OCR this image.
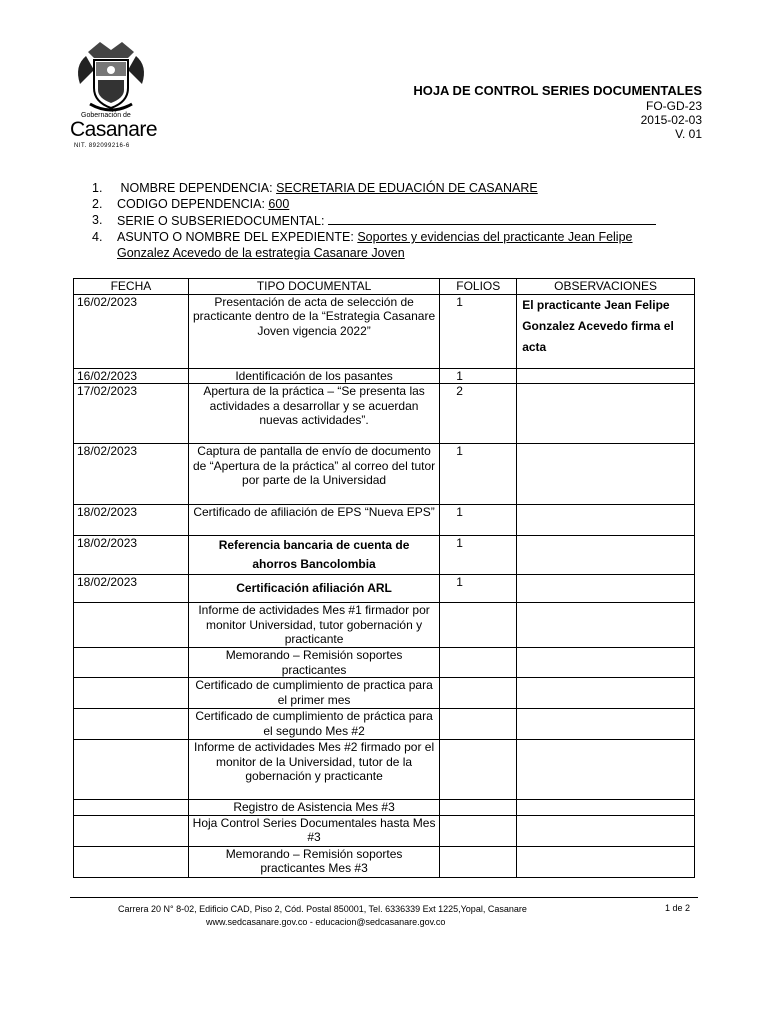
Gobernación de
Casanare
NIT. 892099216-6
HOJA DE CONTROL SERIES DOCUMENTALES
FO-GD-23
2015-02-03
V. 01
1.	NOMBRE DEPENDENCIA: SECRETARIA DE EDUACIÓN DE CASANARE
2.	CODIGO DEPENDENCIA: 600
3.	SERIE O SUBSERIEDOCUMENTAL:
4.	ASUNTO O NOMBRE DEL EXPEDIENTE: Soportes y evidencias del practicante Jean Felipe
Gonzalez Acevedo de la estrategia Casanare Joven
FECHA	TIPO DOCUMENTAL	FOLIOS	OBSERVACIONES
16/02/2023	Presentación de acta de selección de practicante dentro de la “Estrategia Casanare Joven vigencia 2022”	1	El practicante Jean Felipe Gonzalez Acevedo firma el acta
16/02/2023	Identificación de los pasantes	1	
17/02/2023	Apertura de la práctica – “Se presenta las actividades a desarrollar y se acuerdan nuevas actividades”.	2	
18/02/2023	Captura de pantalla de envío de documento de “Apertura de la práctica” al correo del tutor por parte de la Universidad	1	
18/02/2023	Certificado de afiliación de EPS “Nueva EPS”	1	
18/02/2023	Referencia bancaria de cuenta de ahorros Bancolombia	1	
18/02/2023	Certificación afiliación ARL	1	
	Informe de actividades Mes #1 firmador por monitor Universidad, tutor gobernación y practicante		
	Memorando – Remisión soportes practicantes		
	Certificado de cumplimiento de practica para el primer mes		
	Certificado de cumplimiento de práctica para el segundo Mes #2		
	Informe de actividades Mes #2 firmado por el monitor de la Universidad, tutor de la gobernación y practicante		
	Registro de Asistencia Mes #3		
	Hoja Control Series Documentales hasta Mes #3		
	Memorando – Remisión soportes practicantes Mes #3		
Carrera 20 N° 8-02, Edificio CAD, Piso 2, Cód. Postal 850001, Tel. 6336339 Ext 1225,Yopal, Casanare
www.sedcasanare.gov.co - educacion@sedcasanare.gov.co
1 de 2
